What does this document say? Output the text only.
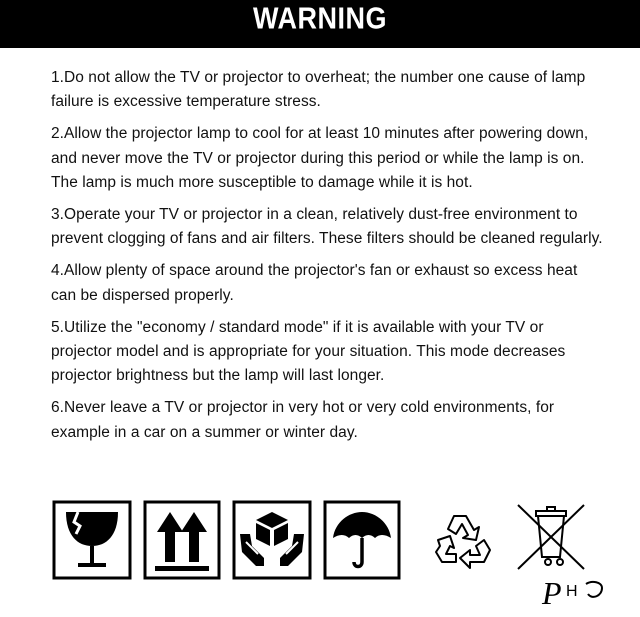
WARNING

1.Do not allow the TV or projector to overheat; the number one cause of lamp failure is excessive temperature stress.

2.Allow the projector lamp to cool for at least 10 minutes after powering down, and never move the TV or projector during this period or while the lamp is on. The lamp is much more susceptible to damage while it is hot.

3.Operate your TV or projector in a clean, relatively dust-free environment to prevent clogging of fans and air filters. These filters should be cleaned regularly.

4.Allow plenty of space around the projector's fan or exhaust so excess heat can be dispersed properly.

5.Utilize the "economy / standard mode" if it is available with your TV or projector model and is appropriate for your situation. This mode decreases projector brightness but the lamp will last longer.

6.Never leave a TV or projector in very hot or very cold environments, for example in a car on a summer or winter day.

P H
